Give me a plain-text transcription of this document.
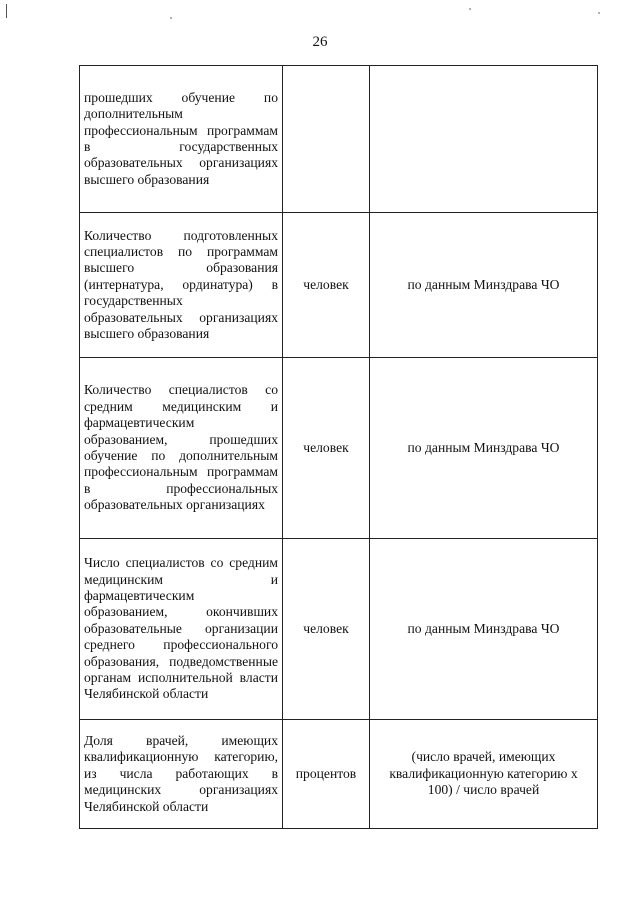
26
прошедших обучение по дополнительным профессиональным программам в государственных образовательных организациях высшего образования		
Количество подготовленных специалистов по программам высшего образования (интернатура, ординатура) в государственных образовательных организациях высшего образования	человек	по данным Минздрава ЧО
Количество специалистов со средним медицинским и фармацевтическим образованием, прошедших обучение по дополнительным профессиональным программам в профессиональных образовательных организациях	человек	по данным Минздрава ЧО
Число специалистов со средним медицинским и фармацевтическим образованием, окончивших образовательные организации среднего профессионального образования, подведомственные органам исполнительной власти Челябинской области	человек	по данным Минздрава ЧО
Доля врачей, имеющих квалификационную категорию, из числа работающих в медицинских организациях Челябинской области	процентов	(число врачей, имеющих квалификационную категорию x 100) / число врачей
